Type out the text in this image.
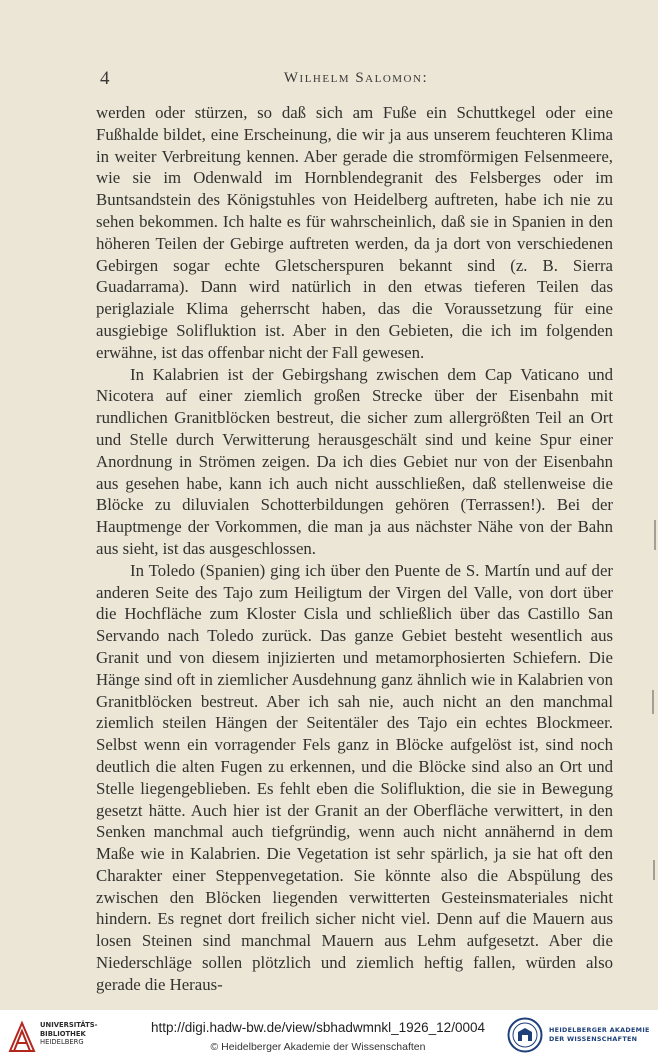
4	Wilhelm Salomon:

werden oder stürzen, so daß sich am Fuße ein Schuttkegel oder eine Fußhalde bildet, eine Erscheinung, die wir ja aus unserem feuchteren Klima in weiter Verbreitung kennen. Aber gerade die stromförmigen Felsenmeere, wie sie im Odenwald im Hornblendegranit des Felsberges oder im Buntsandstein des Königstuhles von Heidelberg auftreten, habe ich nie zu sehen bekommen. Ich halte es für wahrscheinlich, daß sie in Spanien in den höheren Teilen der Gebirge auftreten werden, da ja dort von verschiedenen Gebirgen sogar echte Gletscherspuren bekannt sind (z. B. Sierra Guadarrama). Dann wird natürlich in den etwas tieferen Teilen das periglaziale Klima geherrscht haben, das die Voraussetzung für eine ausgiebige Solifluktion ist. Aber in den Gebieten, die ich im folgenden erwähne, ist das offenbar nicht der Fall gewesen.

In Kalabrien ist der Gebirgshang zwischen dem Cap Vaticano und Nicotera auf einer ziemlich großen Strecke über der Eisenbahn mit rundlichen Granitblöcken bestreut, die sicher zum allergrößten Teil an Ort und Stelle durch Verwitterung herausgeschält sind und keine Spur einer Anordnung in Strömen zeigen. Da ich dies Gebiet nur von der Eisenbahn aus gesehen habe, kann ich auch nicht ausschließen, daß stellenweise die Blöcke zu diluvialen Schotterbildungen gehören (Terrassen!). Bei der Hauptmenge der Vorkommen, die man ja aus nächster Nähe von der Bahn aus sieht, ist das ausgeschlossen.

In Toledo (Spanien) ging ich über den Puente de S. Martín und auf der anderen Seite des Tajo zum Heiligtum der Virgen del Valle, von dort über die Hochfläche zum Kloster Cisla und schließlich über das Castillo San Servando nach Toledo zurück. Das ganze Gebiet besteht wesentlich aus Granit und von diesem injizierten und metamorphosierten Schiefern. Die Hänge sind oft in ziemlicher Ausdehnung ganz ähnlich wie in Kalabrien von Granitblöcken bestreut. Aber ich sah nie, auch nicht an den manchmal ziemlich steilen Hängen der Seitentäler des Tajo ein echtes Blockmeer. Selbst wenn ein vorragender Fels ganz in Blöcke aufgelöst ist, sind noch deutlich die alten Fugen zu erkennen, und die Blöcke sind also an Ort und Stelle liegengeblieben. Es fehlt eben die Solifluktion, die sie in Bewegung gesetzt hätte. Auch hier ist der Granit an der Oberfläche verwittert, in den Senken manchmal auch tiefgründig, wenn auch nicht annähernd in dem Maße wie in Kalabrien. Die Vegetation ist sehr spärlich, ja sie hat oft den Charakter einer Steppenvegetation. Sie könnte also die Abspülung des zwischen den Blöcken liegenden verwitterten Gesteinsmateriales nicht hindern. Es regnet dort freilich sicher nicht viel. Denn auf die Mauern aus losen Steinen sind manchmal Mauern aus Lehm aufgesetzt. Aber die Niederschläge sollen plötzlich und ziemlich heftig fallen, würden also gerade die Heraus-

UNIVERSITÄTS-
BIBLIOTHEK
HEIDELBERG
http://digi.hadw-bw.de/view/sbhadwmnkl_1926_12/0004
© Heidelberger Akademie der Wissenschaften
HEIDELBERGER AKADEMIE
DER WISSENSCHAFTEN
